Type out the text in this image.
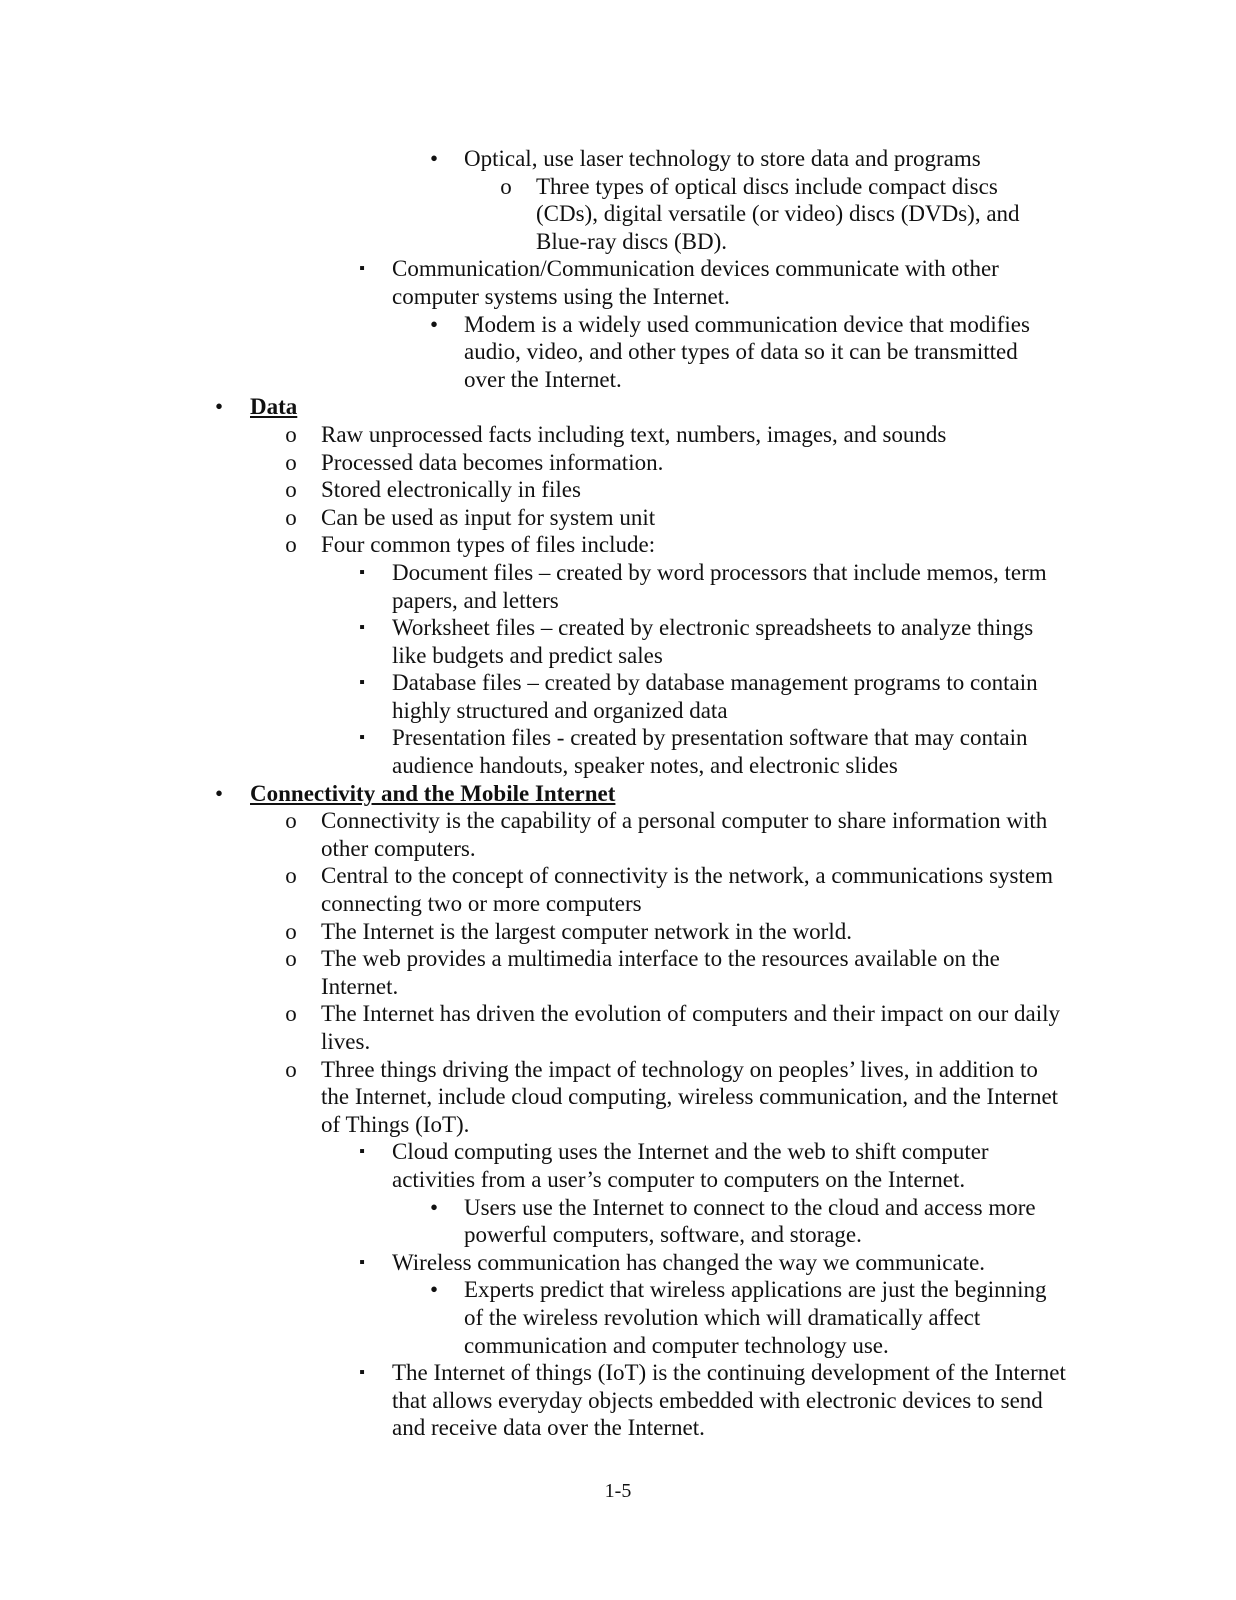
•	Optical, use laser technology to store data and programs
o	Three types of optical discs include compact discs (CDs), digital versatile (or video) discs (DVDs), and Blue-ray discs (BD).
▪	Communication/Communication devices communicate with other computer systems using the Internet.
•	Modem is a widely used communication device that modifies audio, video, and other types of data so it can be transmitted over the Internet.
•	Data
o	Raw unprocessed facts including text, numbers, images, and sounds
o	Processed data becomes information.
o	Stored electronically in files
o	Can be used as input for system unit
o	Four common types of files include:
▪	Document files – created by word processors that include memos, term papers, and letters
▪	Worksheet files – created by electronic spreadsheets to analyze things like budgets and predict sales
▪	Database files – created by database management programs to contain highly structured and organized data
▪	Presentation files - created by presentation software that may contain audience handouts, speaker notes, and electronic slides
•	Connectivity and the Mobile Internet
o	Connectivity is the capability of a personal computer to share information with other computers.
o	Central to the concept of connectivity is the network, a communications system connecting two or more computers
o	The Internet is the largest computer network in the world.
o	The web provides a multimedia interface to the resources available on the Internet.
o	The Internet has driven the evolution of computers and their impact on our daily lives.
o	Three things driving the impact of technology on peoples’ lives, in addition to the Internet, include cloud computing, wireless communication, and the Internet of Things (IoT).
▪	Cloud computing uses the Internet and the web to shift computer activities from a user’s computer to computers on the Internet.
•	Users use the Internet to connect to the cloud and access more powerful computers, software, and storage.
▪	Wireless communication has changed the way we communicate.
•	Experts predict that wireless applications are just the beginning of the wireless revolution which will dramatically affect communication and computer technology use.
▪	The Internet of things (IoT) is the continuing development of the Internet that allows everyday objects embedded with electronic devices to send and receive data over the Internet.
1-5
